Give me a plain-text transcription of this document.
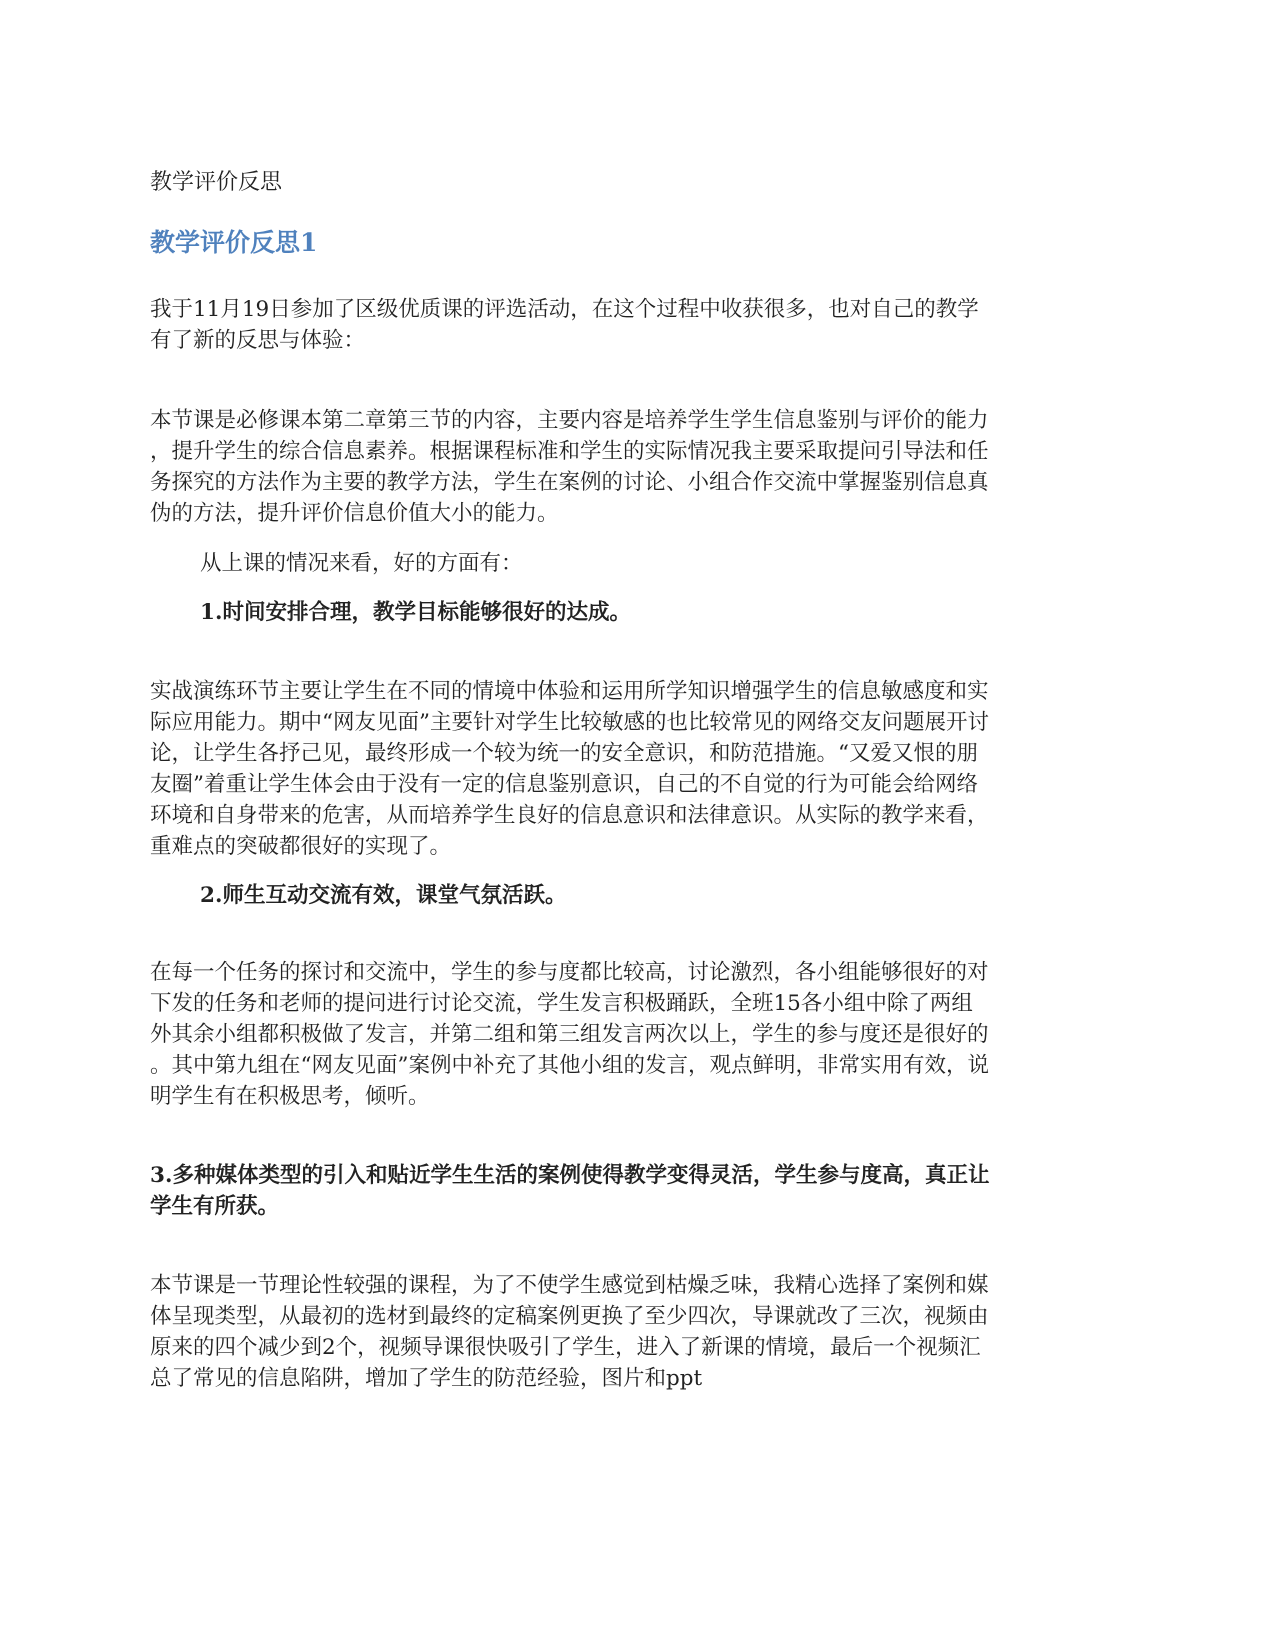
教学评价反思

教学评价反思1

我于11月19日参加了区级优质课的评选活动，在这个过程中收获很多，也对自己的教学
有了新的反思与体验：

本节课是必修课本第二章第三节的内容，主要内容是培养学生学生信息鉴别与评价的能力
，提升学生的综合信息素养。根据课程标准和学生的实际情况我主要采取提问引导法和任
务探究的方法作为主要的教学方法，学生在案例的讨论、小组合作交流中掌握鉴别信息真
伪的方法，提升评价信息价值大小的能力。

从上课的情况来看，好的方面有：

1.时间安排合理，教学目标能够很好的达成。

实战演练环节主要让学生在不同的情境中体验和运用所学知识增强学生的信息敏感度和实
际应用能力。期中“网友见面”主要针对学生比较敏感的也比较常见的网络交友问题展开讨
论，让学生各抒己见，最终形成一个较为统一的安全意识，和防范措施。“又爱又恨的朋
友圈”着重让学生体会由于没有一定的信息鉴别意识，自己的不自觉的行为可能会给网络
环境和自身带来的危害，从而培养学生良好的信息意识和法律意识。从实际的教学来看，
重难点的突破都很好的实现了。

2.师生互动交流有效，课堂气氛活跃。

在每一个任务的探讨和交流中，学生的参与度都比较高，讨论激烈，各小组能够很好的对
下发的任务和老师的提问进行讨论交流，学生发言积极踊跃，全班15各小组中除了两组
外其余小组都积极做了发言，并第二组和第三组发言两次以上，学生的参与度还是很好的
。其中第九组在“网友见面”案例中补充了其他小组的发言，观点鲜明，非常实用有效，说
明学生有在积极思考，倾听。

3.多种媒体类型的引入和贴近学生生活的案例使得教学变得灵活，学生参与度高，真正让
学生有所获。

本节课是一节理论性较强的课程，为了不使学生感觉到枯燥乏味，我精心选择了案例和媒
体呈现类型，从最初的选材到最终的定稿案例更换了至少四次，导课就改了三次，视频由
原来的四个减少到2个，视频导课很快吸引了学生，进入了新课的情境，最后一个视频汇
总了常见的信息陷阱，增加了学生的防范经验，图片和ppt
